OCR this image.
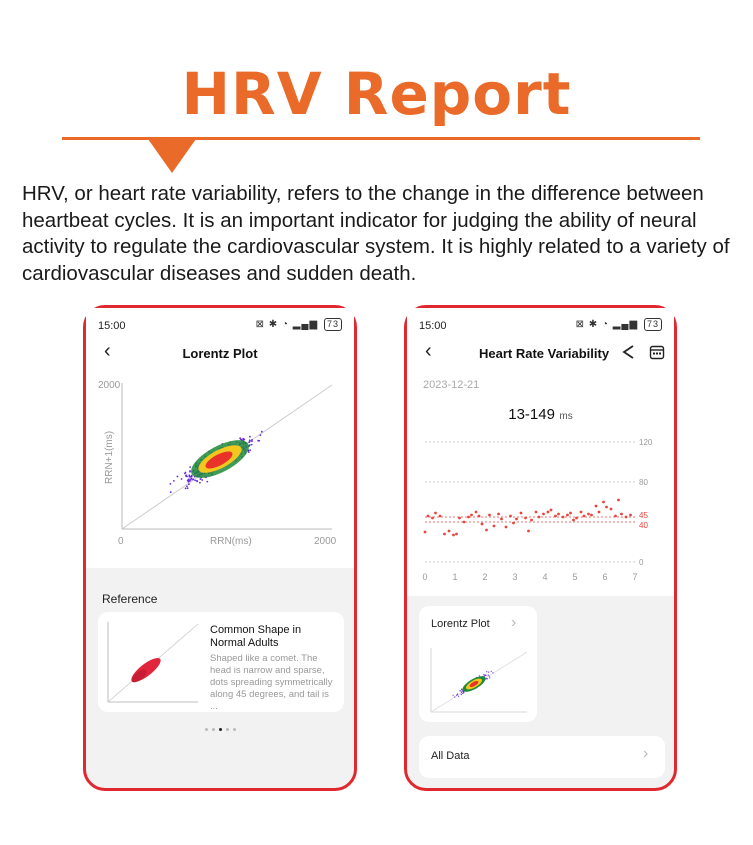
HRV Report
HRV, or heart rate variability, refers to the change in the difference between heartbeat cycles. It is an important indicator for judging the ability of neural activity to regulate the cardiovascular system. It is highly related to a variety of cardiovascular diseases and sudden death.
15:00	⊠ ✱ ◔ ▂▄▆ 73
‹	Lorentz Plot
2000
RRN+1(ms)
0	RRN(ms)	2000
Reference
Common Shape in Normal Adults
Shaped like a comet. The head is narrow and sparse, dots spreading symmetrically along 45 degrees, and tail is ...
15:00	⊠ ✱ ◔ ▂▄▆ 73
‹	Heart Rate Variability
2023-12-21
13-149 ms
120
80
45
40
0
0	1	2	3	4	5	6	7
Lorentz Plot ›
All Data	›
